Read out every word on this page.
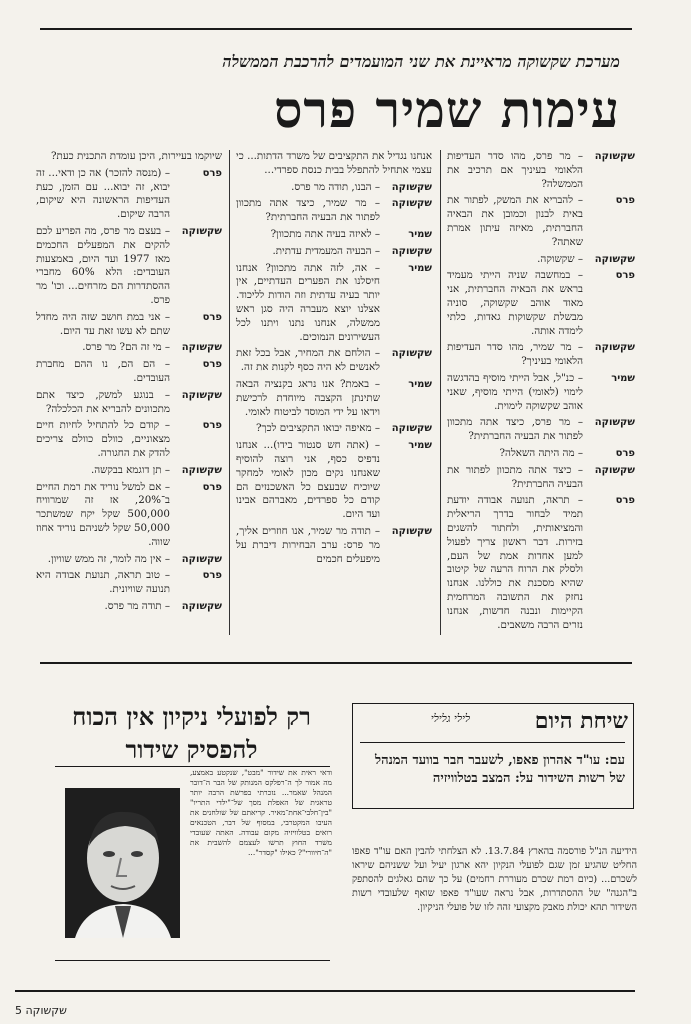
מערכת שקשוקה מראיינת את שני המועמדים להרכבת הממשלה
עימות שמיר פרס
שקשוקה
– מר פרס, מהו סדר העדיפות הלאומי בעיניך אם תרכיב את הממשלה?
פרס
– להבריא את המשק, לפתור את באית לבנון וכמובן את הבאיה החברתית, מאיזה עיתון אמרת שאתה?
שקשוקה
– שקשוקה.
פרס
– במחשבה שניה הייתי מעמיד בראש את הבאיה החברתית, אני מאוד אוהב שקשוקה, סוניה מבשלת שקשוקות גאדות, כלתי לימדה אותה.
שקשוקה
– מר שמיר, מהו סדר העדיפות הלאומי בעיניך?
שמיר
– כנ"ל, אבל הייתי מוסיף בהדגשה לימוי (לאומי) הייתי מוסיף, שאני אוהב שקשוקה לימוית.
שקשוקה
– מר פרס, כיצד אתה מתכוון לפתור את הבעיה החברתית?
פרס
– מה היתה השאלה?
שקשוקה
– כיצד אתה מתכוון לפתור את הבעיה החברתית?
פרס
– תראה, תנועה אבודה יודעת תמיד לבחור בדרך הריאלית והמציאותית, ולחתור להשגים בזירות. דבר ראשון צריך לפעול למען אחדות אמת של העם, ולסלק את הרוח הרעה של קיטוב שהיא מסכנת את כוללנו. אנחנו נחזק את התשובה המרחמית הקיימות ונבנה חדשות, אנחנו נזרים הרבה משאבים.
אנחנו נגדיל את התקציבים של משרד הדתות... כי עצמי אתחיל להתפלל בבית כנסת ספרדי...
שקשוקה
– הבנו, תודה מר פרס.
שקשוקה
– מר שמיר, כיצד אתה מתכוון לפתור את הבעיה החברתית?
שמיר
– לאיזה בעיה אתה מתכוון?
שקשוקה
– הבעיה המעמדית עדתית.
שמיר
– אה, לזה אתה מתכוון? אנחנו חיסלנו את הפערים העדתיים, אין יותר בעיה עדתית וזה הודות לליכוד. אצלנו יוצא מעברה היה סגן ראש ממשלה, אנחנו נתנו ויתנו לכל העשירונים הנמוכים.
שקשוקה
– הולחם את המחיר, אבל בכל זאת לאנשים לא היה כסף לקנות את זה.
שמיר
– באמת? אנו נראג בקנציה הבאה שתינתן הקצבה מיוחדת לרכישת וידאו על ידי המוסד לביטוח לאומי.
שקשוקה
– מאיפה יבואו התקציבים לכך?
שמיר
– (אתה חש סנטור בידו)... אנחנו נדפיס כסף, אני רוצה להוסיף שאנחנו נקים מכון לאומי למחקר שיוכיח שבעצם כל האשכנזים הם קודם כל ספרדים, מאברהם אבינו ועד היום.
שקשוקה
– תודה מר שמיר, אנו חוזרים אליך, מר פרס: ערב הבחירות דיברת על מיפעלים חכמים
שיוקמו בעיירות, היכן עומדת התכנית כעת?
פרס
– (מנסה להזכר) אה כן ודאי... זה יבוא, זה יבוא... עם הזמן, כעת העדיפות הראשונה היא שיקום, הרבה שיקום.
שקשוקה
– בעצם מר פרס, מה הפריע לכם להקים את המפעלים החכמים מאז 1977 ועד היום, באמצעות העובדים: הלא 60% מחברי ההסתדרות הם מזרחים... וכו' מר פרס.
פרס
– אני במת חושב שזה היה מחדל שתם לא עשו זאת עד היום.
שקשוקה
– מי זה הם? מר פרס.
פרס
– הם הם, נו ההם מחברת העובדים.
שקשוקה
– בנוגע למשק, כיצד אתם מתכוונים להבריא את הכלכלה?
פרס
– קודם כל להתחיל לחיות חיים מצאוניים, כוולם כוולם צריכים להדק את החגורה.
שקשוקה
– תן דוגמא בבקשה.
פרס
– אם למשל נוריד את רמת החיים ב־20%, אז זה שמרוויח 500,000 שקל יקח שמשתכר 50,000 שקל לשניהם נוריד אחוז שווה.
שקשוקה
– אין מה לומר, זה ממש שוויון.
פרס
– טוב תראה, תנועת אבודה היא תנועה שוויונית.
שקשוקה
– תודה מר פרס.
רק לפועלי ניקיון אין הכוח להפסיק שידור
ודאי ראית את שידור "מבט", שנקטע באמצע, מה אמור לך ה־רפלקס המנותק של הבר ה־דובר המנהל שאמר... נזכרתי בפרשת הרבה יותר טראגית של האפלת מסך של־"ילדי התריו" "בין־חלבי־אחת־מאיר. קריאתם של שולחנים את העיבו המקטרבי, במסוף של דבר, הטכנאים רואים בטלוויזיה מקום עבודה. האתה שעובדי משרד החוץ תרשו לעצמם להשבית את "ה־חיוורי"? כאילו "קסדר"...
שיחת היום
לילי גלילי
עם: עו"ד אהרון פאפו, לשעבר חבר בוועד המנהל של רשות השידור על: המצב בטלוויזיה
הידיעה הנ"ל פורסמה בהארץ 13.7.84. לא הצלחתי להבין האם עו"ד פאפו החליט שהגיע זמן שגם לפועלי הנקיון יהא ארגון יעיל ועל ששניהם שיראו לשכרם... (כיום רמת שכרם מעוררת רחמים) על כך שהם גאלגים להסתפק ב"הגנה" של ההסתדרות, אבל נראה שעו"ד פאפו שואף שלעובדי רשות השידור תהא יכולת מאבק מקצועי זהה לזו של פועלי הניקיון.
שקשוקה 5
